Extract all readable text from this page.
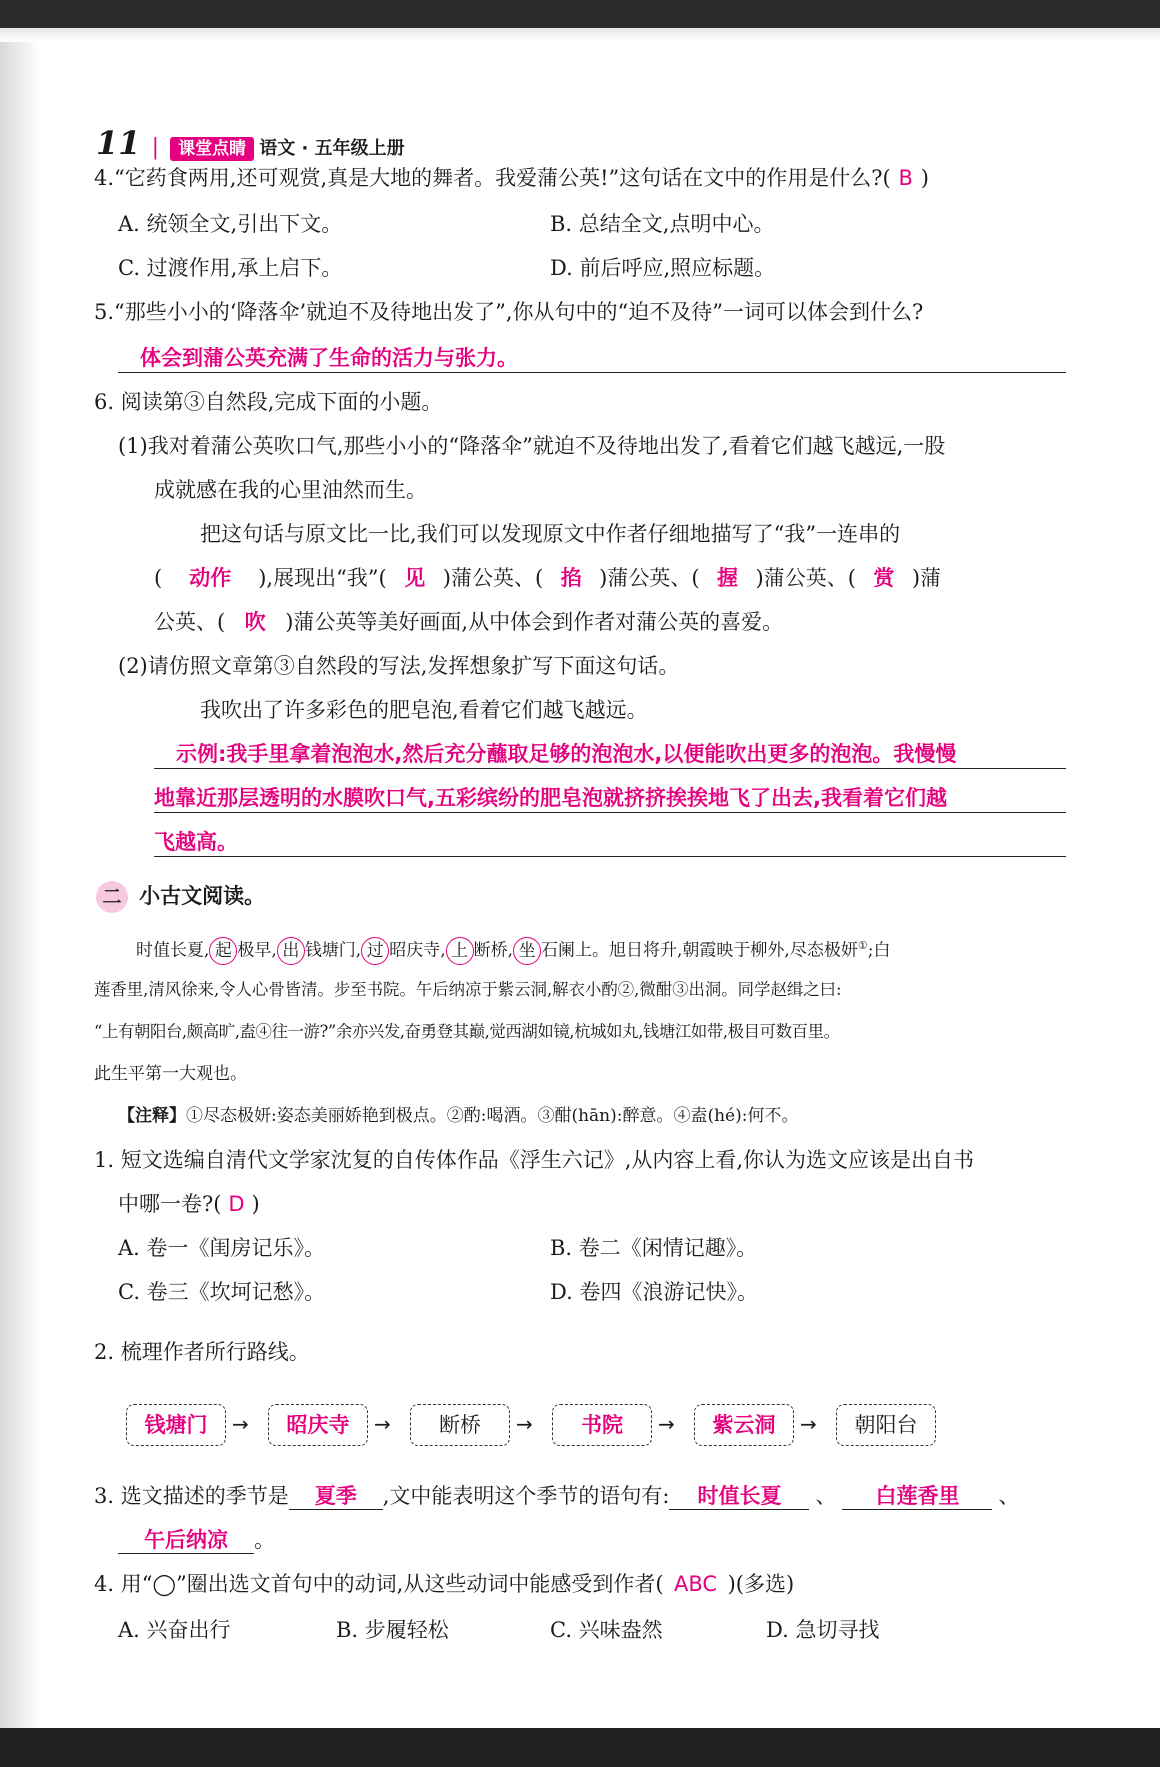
11 | 课堂点睛 语文 · 五年级上册
4.“它药食两用,还可观赏,真是大地的舞者。我爱蒲公英!”这句话在文中的作用是什么?( B )
A. 统领全文,引出下文。	B. 总结全文,点明中心。
C. 过渡作用,承上启下。	D. 前后呼应,照应标题。
5.“那些小小的‘降落伞’就迫不及待地出发了”,你从句中的“迫不及待”一词可以体会到什么?
体会到蒲公英充满了生命的活力与张力。
6. 阅读第③自然段,完成下面的小题。
(1)我对着蒲公英吹口气,那些小小的“降落伞”就迫不及待地出发了,看着它们越飞越远,一股
成就感在我的心里油然而生。
把这句话与原文比一比,我们可以发现原文中作者仔细地描写了“我”一连串的
( 动作 ),展现出“我”( 见 )蒲公英、( 掐 )蒲公英、( 握 )蒲公英、( 赏 )蒲
公英、( 吹 )蒲公英等美好画面,从中体会到作者对蒲公英的喜爱。
(2)请仿照文章第③自然段的写法,发挥想象扩写下面这句话。
我吹出了许多彩色的肥皂泡,看着它们越飞越远。
示例:我手里拿着泡泡水,然后充分蘸取足够的泡泡水,以便能吹出更多的泡泡。我慢慢
地靠近那层透明的水膜吹口气,五彩缤纷的肥皂泡就挤挤挨挨地飞了出去,我看着它们越
飞越高。
二 小古文阅读。
时值长夏, 起 极早, 出 钱塘门, 过 昭庆寺, 上 断桥, 坐 石阑上。旭日将升,朝霞映于柳外,尽态极妍①;白
莲香里,清风徐来,令人心骨皆清。步至书院。午后纳凉于紫云洞,解衣小酌②,微酣③出洞。同学赵缉之曰:
“上有朝阳台,颇高旷,盍④往一游?”余亦兴发,奋勇登其巅,觉西湖如镜,杭城如丸,钱塘江如带,极目可数百里。
此生平第一大观也。
【注释】①尽态极妍:姿态美丽娇艳到极点。②酌:喝酒。③酣(hān):醉意。④盍(hé):何不。
1. 短文选编自清代文学家沈复的自传体作品《浮生六记》,从内容上看,你认为选文应该是出自书
中哪一卷?( D )
A. 卷一《闺房记乐》。	B. 卷二《闲情记趣》。
C. 卷三《坎坷记愁》。	D. 卷四《浪游记快》。
2. 梳理作者所行路线。
钱塘门	→	昭庆寺	→	断桥	→	书院	→	紫云洞	→	朝阳台
3. 选文描述的季节是 夏季 ,文中能表明这个季节的语句有: 时值长夏 、 白莲香里 、
午后纳凉 。
4. 用“◯”圈出选文首句中的动词,从这些动词中能感受到作者( ABC )(多选)
A. 兴奋出行	B. 步履轻松	C. 兴味盎然	D. 急切寻找
